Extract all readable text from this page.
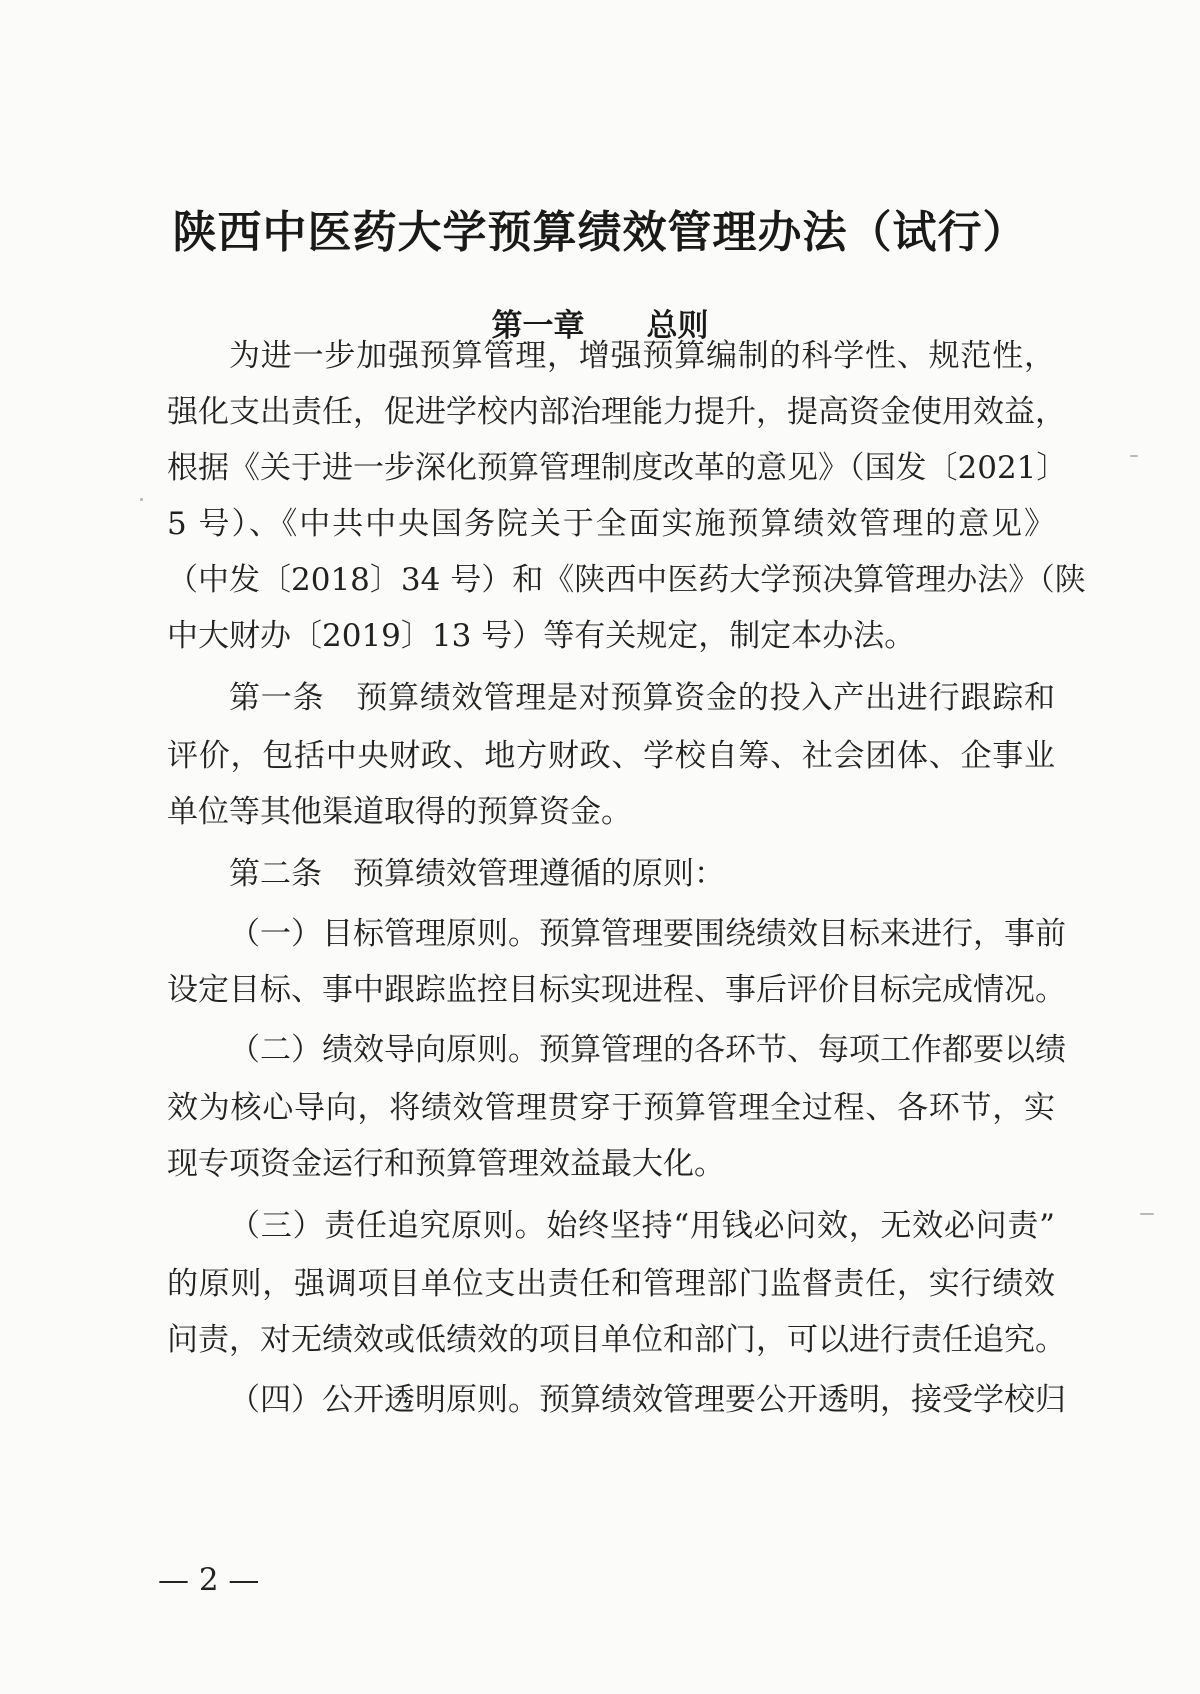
陕西中医药大学预算绩效管理办法（试行）
第一章　　总则
为进一步加强预算管理，增强预算编制的科学性、规范性，
强化支出责任，促进学校内部治理能力提升，提高资金使用效益，
根据《关于进一步深化预算管理制度改革的意见》（国发〔2021〕
5 号）、《中共中央国务院关于全面实施预算绩效管理的意见》
（中发〔2018〕34 号）和《陕西中医药大学预决算管理办法》（陕
中大财办〔2019〕13 号）等有关规定，制定本办法。
第一条　预算绩效管理是对预算资金的投入产出进行跟踪和
评价，包括中央财政、地方财政、学校自筹、社会团体、企事业
单位等其他渠道取得的预算资金。
第二条　预算绩效管理遵循的原则：
（一）目标管理原则。预算管理要围绕绩效目标来进行，事前
设定目标、事中跟踪监控目标实现进程、事后评价目标完成情况。
（二）绩效导向原则。预算管理的各环节、每项工作都要以绩
效为核心导向，将绩效管理贯穿于预算管理全过程、各环节，实
现专项资金运行和预算管理效益最大化。
（三）责任追究原则。始终坚持“用钱必问效，无效必问责”
的原则，强调项目单位支出责任和管理部门监督责任，实行绩效
问责，对无绩效或低绩效的项目单位和部门，可以进行责任追究。
（四）公开透明原则。预算绩效管理要公开透明，接受学校归
— 2 —
